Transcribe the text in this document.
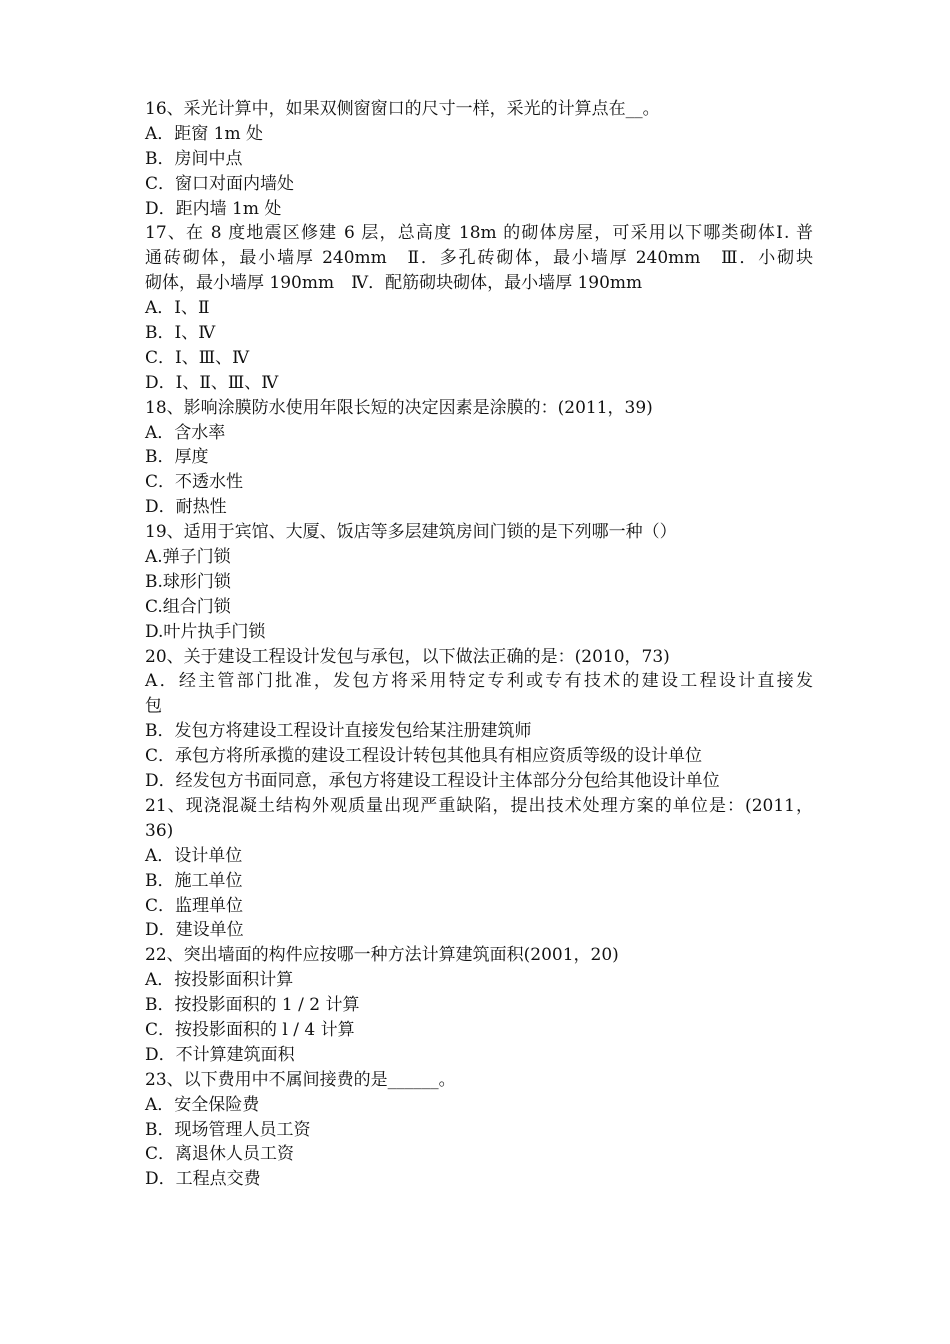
16、采光计算中，如果双侧窗窗口的尺寸一样，采光的计算点在__。
A．距窗 1m 处
B．房间中点
C．窗口对面内墙处
D．距内墙 1m 处
17、在 8 度地震区修建 6 层，总高度 18m 的砌体房屋，可采用以下哪类砌体Ⅰ. 普
通砖砌体，最小墙厚 240mm　Ⅱ．多孔砖砌体，最小墙厚 240mm　Ⅲ．小砌块
砌体，最小墙厚 190mm　Ⅳ．配筋砌块砌体，最小墙厚 190mm
A．Ⅰ、Ⅱ
B．Ⅰ、Ⅳ
C．Ⅰ、Ⅲ、Ⅳ
D．Ⅰ、Ⅱ、Ⅲ、Ⅳ
18、影响涂膜防水使用年限长短的决定因素是涂膜的：(2011，39)
A．含水率
B．厚度
C．不透水性
D．耐热性
19、适用于宾馆、大厦、饭店等多层建筑房间门锁的是下列哪一种（）
A.弹子门锁
B.球形门锁
C.组合门锁
D.叶片执手门锁
20、关于建设工程设计发包与承包，以下做法正确的是：(2010，73)
A．经主管部门批准，发包方将采用特定专利或专有技术的建设工程设计直接发
包
B．发包方将建设工程设计直接发包给某注册建筑师
C．承包方将所承揽的建设工程设计转包其他具有相应资质等级的设计单位
D．经发包方书面同意，承包方将建设工程设计主体部分分包给其他设计单位
21、现浇混凝土结构外观质量出现严重缺陷，提出技术处理方案的单位是：(2011，
36)
A．设计单位
B．施工单位
C．监理单位
D．建设单位
22、突出墙面的构件应按哪一种方法计算建筑面积(2001，20)
A．按投影面积计算
B．按投影面积的 1 / 2 计算
C．按投影面积的 l / 4 计算
D．不计算建筑面积
23、以下费用中不属间接费的是______。
A．安全保险费
B．现场管理人员工资
C．离退休人员工资
D．工程点交费
